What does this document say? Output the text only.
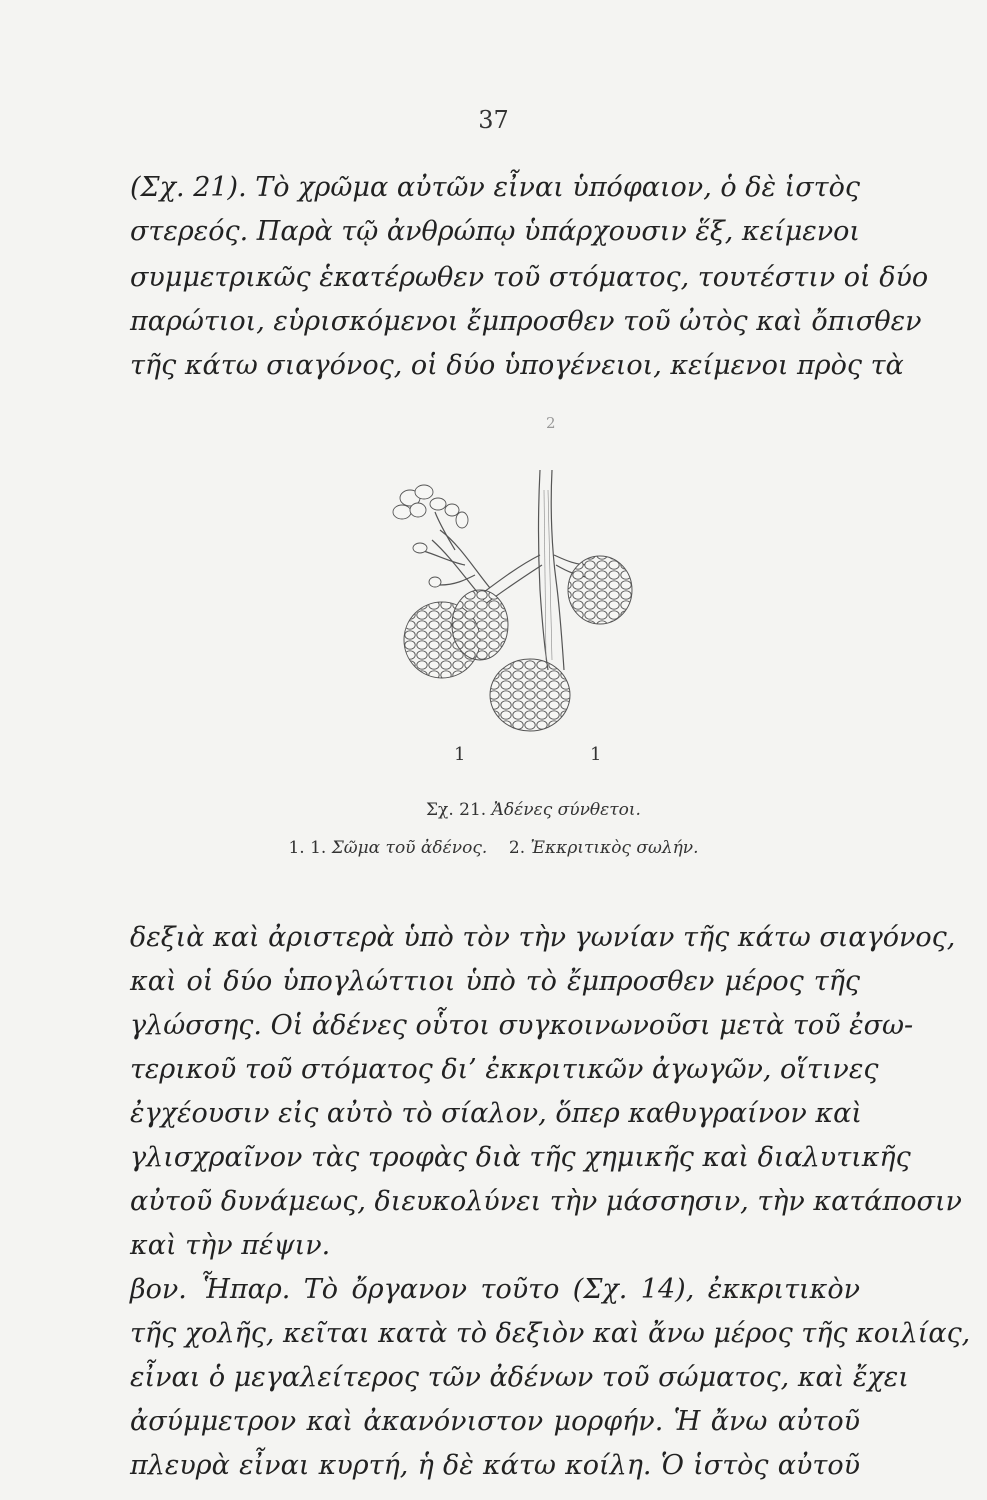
37
(Σχ. 21). Τὸ χρῶμα αὐτῶν εἶναι ὑπόφαιον, ὁ δὲ ἱστὸς
στερεός. Παρὰ τῷ ἀνθρώπῳ ὑπάρχουσιν ἕξ, κείμενοι
συμμετρικῶς ἑκατέρωθεν τοῦ στόματος, τουτέστιν οἱ δύο
παρώτιοι, εὑρισκόμενοι ἔμπροσθεν τοῦ ὠτὸς καὶ ὄπισθεν
τῆς κάτω σιαγόνος, οἱ δύο ὑπογένειοι, κείμενοι πρὸς τὰ
2
1	1
Σχ. 21. Ἀδένες σύνθετοι.
1. 1. Σῶμα τοῦ ἀδένος. 2. Ἐκκριτικὸς σωλήν.
δεξιὰ καὶ ἀριστερὰ ὑπὸ τὸν τὴν γωνίαν τῆς κάτω σιαγόνος,
καὶ οἱ δύο ὑπογλώττιοι ὑπὸ τὸ ἔμπροσθεν μέρος τῆς
γλώσσης. Οἱ ἀδένες οὗτοι συγκοινωνοῦσι μετὰ τοῦ ἐσω-
τερικοῦ τοῦ στόματος δι’ ἐκκριτικῶν ἀγωγῶν, οἵτινες
ἐγχέουσιν εἰς αὐτὸ τὸ σίαλον, ὅπερ καθυγραίνον καὶ
γλισχραῖνον τὰς τροφὰς διὰ τῆς χημικῆς καὶ διαλυτικῆς
αὐτοῦ δυνάμεως, διευκολύνει τὴν μάσσησιν, τὴν κατάποσιν
καὶ τὴν πέψιν.
βον. Ἧπαρ. Τὸ ὄργανον τοῦτο (Σχ. 14), ἐκκριτικὸν
τῆς χολῆς, κεῖται κατὰ τὸ δεξιὸν καὶ ἄνω μέρος τῆς κοιλίας,
εἶναι ὁ μεγαλείτερος τῶν ἀδένων τοῦ σώματος, καὶ ἔχει
ἀσύμμετρον καὶ ἀκανόνιστον μορφήν. Ἡ ἄνω αὐτοῦ
πλευρὰ εἶναι κυρτή, ἡ δὲ κάτω κοίλη. Ὁ ἱστὸς αὐτοῦ
